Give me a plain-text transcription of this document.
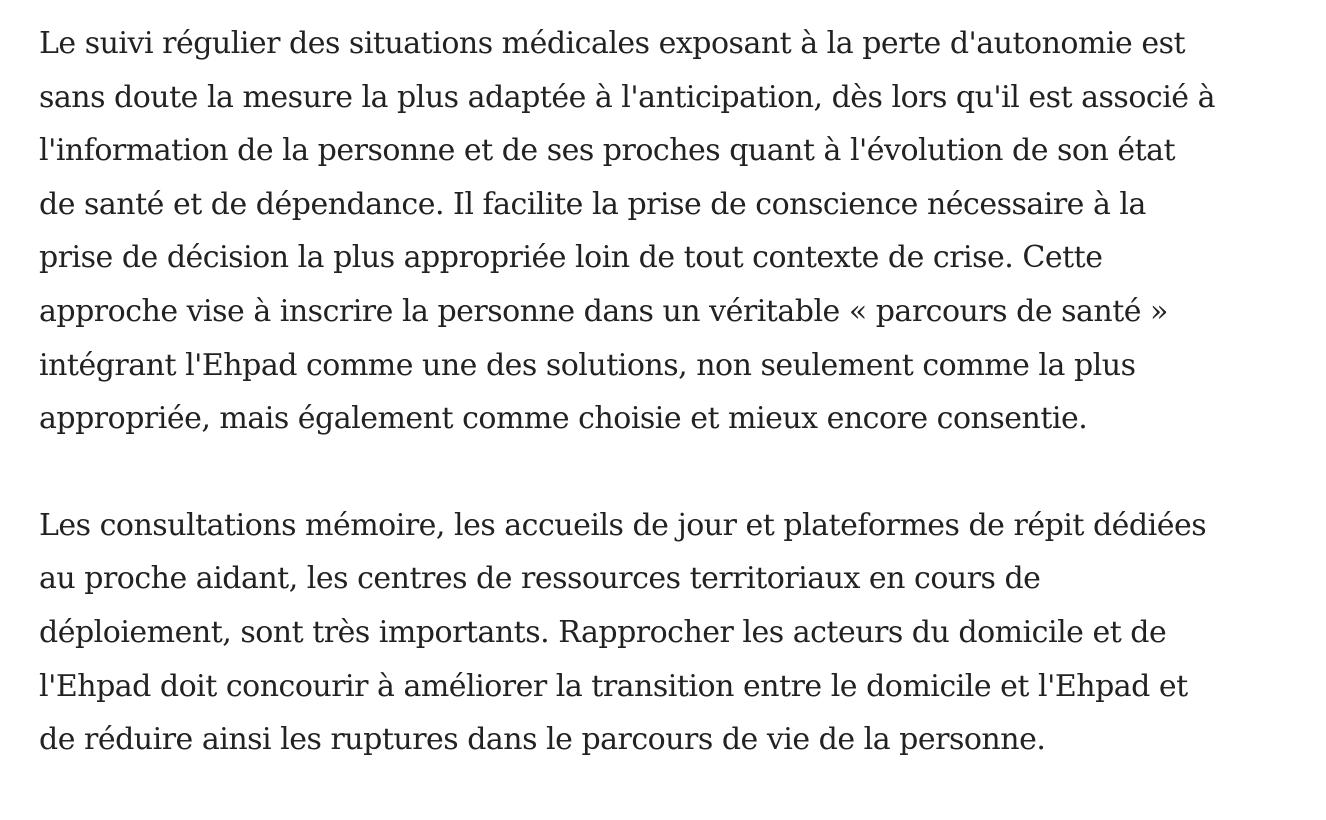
Le suivi régulier des situations médicales exposant à la perte d'autonomie est
sans doute la mesure la plus adaptée à l'anticipation, dès lors qu'il est associé à
l'information de la personne et de ses proches quant à l'évolution de son état
de santé et de dépendance. Il facilite la prise de conscience nécessaire à la
prise de décision la plus appropriée loin de tout contexte de crise. Cette
approche vise à inscrire la personne dans un véritable « parcours de santé »
intégrant l'Ehpad comme une des solutions, non seulement comme la plus
appropriée, mais également comme choisie et mieux encore consentie.

Les consultations mémoire, les accueils de jour et plateformes de répit dédiées
au proche aidant, les centres de ressources territoriaux en cours de
déploiement, sont très importants. Rapprocher les acteurs du domicile et de
l'Ehpad doit concourir à améliorer la transition entre le domicile et l'Ehpad et
de réduire ainsi les ruptures dans le parcours de vie de la personne.
